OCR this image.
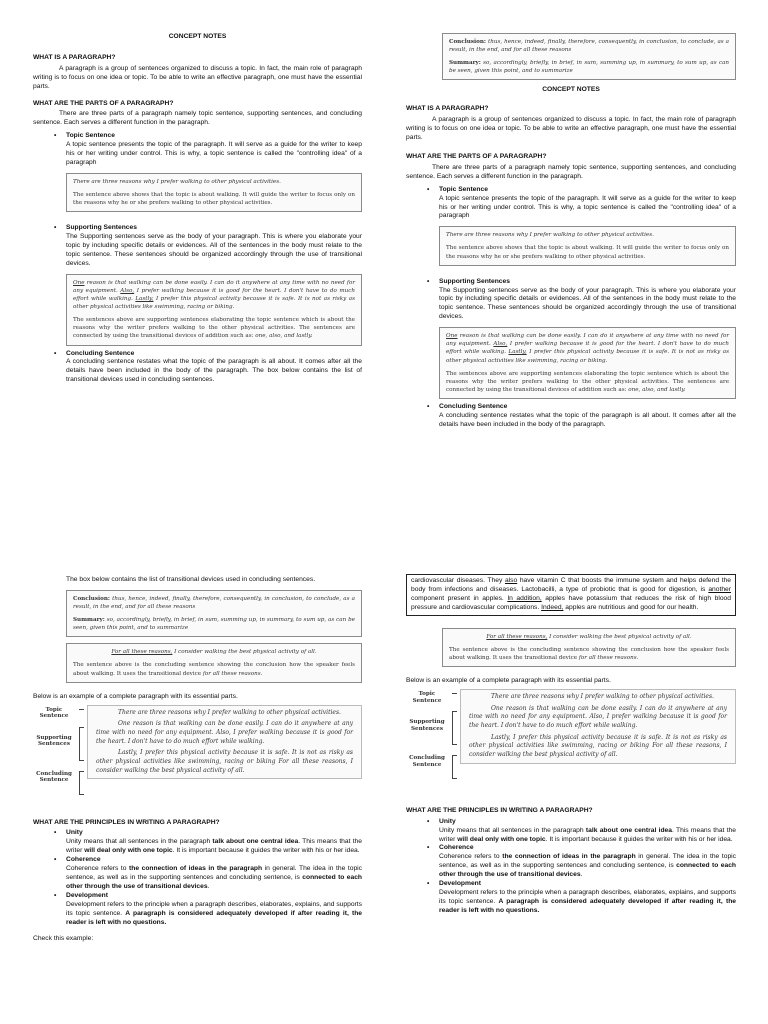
CONCEPT NOTES
WHAT IS A PARAGRAPH?

A paragraph is a group of sentences organized to discuss a topic. In fact, the main role of paragraph writing is to focus on one idea or topic. To be able to write an effective paragraph, one must have the essential parts.

WHAT ARE THE PARTS OF A PARAGRAPH?

There are three parts of a paragraph namely topic sentence, supporting sentences, and concluding sentence. Each serves a different function in the paragraph.

• Topic Sentence

A topic sentence presents the topic of the paragraph. It will serve as a guide for the writer to keep his or her writing under control. This is why, a topic sentence is called the "controlling idea" of a paragraph

There are three reasons why I prefer walking to other physical activities.

The sentence above shows that the topic is about walking. It will guide the writer to focus only on the reasons why he or she prefers walking to other physical activities.

• Supporting Sentences

The Supporting sentences serve as the body of your paragraph. This is where you elaborate your topic by including specific details or evidences. All of the sentences in the body must relate to the topic sentence. These sentences should be organized accordingly through the use of transitional devices.

One reason is that walking can be done easily. I can do it anywhere at any time with no need for any equipment. Also, I prefer walking because it is good for the heart. I don't have to do much effort while walking. Lastly, I prefer this physical activity because it is safe. It is not as risky as other physical activities like swimming, racing or biking.

The sentences above are supporting sentences elaborating the topic sentence which is about the reasons why the writer prefers walking to the other physical activities. The sentences are connected by using the transitional devices of addition such as: one, also, and lastly.

• Concluding Sentence

A concluding sentence restates what the topic of the paragraph is all about. It comes after all the details have been included in the body of the paragraph. The box below contains the list of transitional devices used in concluding sentences.

Conclusion: thus, hence, indeed, finally, therefore, consequently, in conclusion, to conclude, as a result, in the end, and for all these reasons

Summary: so, accordingly, briefly, in brief, in sum, summing up, in summary, to sum up, as can be seen, given this point, and to summarize

CONCEPT NOTES
WHAT IS A PARAGRAPH?

A paragraph is a group of sentences organized to discuss a topic. In fact, the main role of paragraph writing is to focus on one idea or topic. To be able to write an effective paragraph, one must have the essential parts.

WHAT ARE THE PARTS OF A PARAGRAPH?

There are three parts of a paragraph namely topic sentence, supporting sentences, and concluding sentence. Each serves a different function in the paragraph.

• Topic Sentence

A topic sentence presents the topic of the paragraph. It will serve as a guide for the writer to keep his or her writing under control. This is why, a topic sentence is called the "controlling idea" of a paragraph

There are three reasons why I prefer walking to other physical activities.

The sentence above shows that the topic is about walking. It will guide the writer to focus only on the reasons why he or she prefers walking to other physical activities.

• Supporting Sentences

The Supporting sentences serve as the body of your paragraph. This is where you elaborate your topic by including specific details or evidences. All of the sentences in the body must relate to the topic sentence. These sentences should be organized accordingly through the use of transitional devices.

One reason is that walking can be done easily. I can do it anywhere at any time with no need for any equipment. Also, I prefer walking because it is good for the heart. I don't have to do much effort while walking. Lastly, I prefer this physical activity because it is safe. It is not as risky as other physical activities like swimming, racing or biking.

The sentences above are supporting sentences elaborating the topic sentence which is about the reasons why the writer prefers walking to the other physical activities. The sentences are connected by using the transitional devices of addition such as: one, also, and lastly.

• Concluding Sentence

A concluding sentence restates what the topic of the paragraph is all about. It comes after all the details have been included in the body of the paragraph.

The box below contains the list of transitional devices used in concluding sentences.

Conclusion: thus, hence, indeed, finally, therefore, consequently, in conclusion, to conclude, as a result, in the end, and for all these reasons

Summary: so, accordingly, briefly, in brief, in sum, summing up, in summary, to sum up, as can be seen, given this point, and to summarize

For all these reasons, I consider walking the best physical activity of all.

The sentence above is the concluding sentence showing the conclusion how the speaker feels about walking. It uses the transitional device for all these reasons.

Below is an example of a complete paragraph with its essential parts.

Topic Sentence
Supporting Sentences
Concluding Sentence

There are three reasons why I prefer walking to other physical activities.

One reason is that walking can be done easily. I can do it anywhere at any time with no need for any equipment. Also, I prefer walking because it is good for the heart. I don't have to do much effort while walking.

Lastly, I prefer this physical activity because it is safe. It is not as risky as other physical activities like swimming, racing or biking For all these reasons, I consider walking the best physical activity of all.

WHAT ARE THE PRINCIPLES IN WRITING A PARAGRAPH?
• Unity

Unity means that all sentences in the paragraph talk about one central idea. This means that the writer will deal only with one topic. It is important because it guides the writer with his or her idea.

• Coherence

Coherence refers to the connection of ideas in the paragraph in general. The idea in the topic sentence, as well as in the supporting sentences and concluding sentence, is connected to each other through the use of transitional devices.

• Development

Development refers to the principle when a paragraph describes, elaborates, explains, and supports its topic sentence. A paragraph is considered adequately developed if after reading it, the reader is left with no questions.

Check this example:

cardiovascular diseases. They also have vitamin C that boosts the immune system and helps defend the body from infections and diseases. Lactobacilli, a type of probiotic that is good for digestion, is another component present in apples. In addition, apples have potassium that reduces the risk of high blood pressure and cardiovascular complications. Indeed, apples are nutritious and good for our health.

For all these reasons, I consider walking the best physical activity of all.

The sentence above is the concluding sentence showing the conclusion how the speaker feels about walking. It uses the transitional device for all these reasons.

Below is an example of a complete paragraph with its essential parts.

Topic Sentence
Supporting Sentences
Concluding Sentence

There are three reasons why I prefer walking to other physical activities.

One reason is that walking can be done easily. I can do it anywhere at any time with no need for any equipment. Also, I prefer walking because it is good for the heart. I don't have to do much effort while walking.

Lastly, I prefer this physical activity because it is safe. It is not as risky as other physical activities like swimming, racing or biking For all these reasons, I consider walking the best physical activity of all.

WHAT ARE THE PRINCIPLES IN WRITING A PARAGRAPH?
• Unity

Unity means that all sentences in the paragraph talk about one central idea. This means that the writer will deal only with one topic. It is important because it guides the writer with his or her idea.

• Coherence

Coherence refers to the connection of ideas in the paragraph in general. The idea in the topic sentence, as well as in the supporting sentences and concluding sentence, is connected to each other through the use of transitional devices.

• Development

Development refers to the principle when a paragraph describes, elaborates, explains, and supports its topic sentence. A paragraph is considered adequately developed if after reading it, the reader is left with no questions.
